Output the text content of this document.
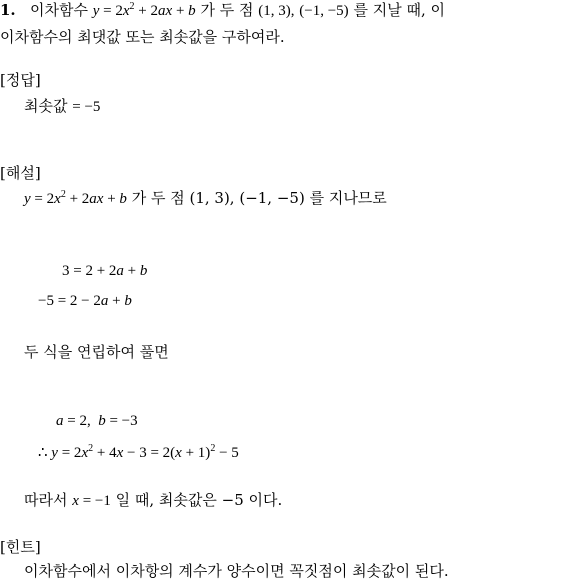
1. 이차함수 $y = 2x^2 + 2ax + b$ 가 두 점 (1, 3), (−1, −5) 를 지날 때, 이
이차함수의 최댓값 또는 최솟값을 구하여라.
[정답]
최솟값 = −5
[해설]
$y = 2x^2 + 2ax + b$ 가 두 점 (1, 3), (−1, −5) 를 지나므로
3 = 2 + 2a + b
−5 = 2 − 2a + b
두 식을 연립하여 풀면
a = 2, b = −3
∴ $y = 2x^2 + 4x - 3 = 2(x + 1)^2 - 5$
따라서 x = −1 일 때, 최솟값은 −5 이다.
[힌트]
이차함수에서 이차항의 계수가 양수이면 꼭짓점이 최솟값이 된다.
